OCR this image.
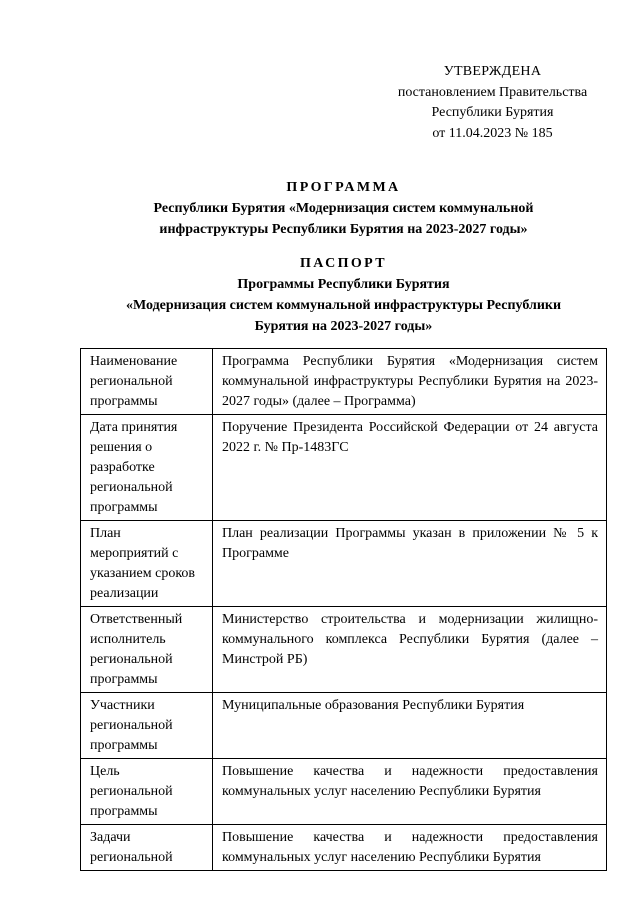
УТВЕРЖДЕНА
постановлением Правительства
Республики Бурятия
от 11.04.2023 № 185
ПРОГРАММА
Республики Бурятия «Модернизация систем коммунальной
инфраструктуры Республики Бурятия на 2023-2027 годы»
ПАСПОРТ
Программы Республики Бурятия
«Модернизация систем коммунальной инфраструктуры Республики
Бурятия на 2023-2027 годы»
Наименование
региональной
программы	Программа Республики Бурятия «Модернизация систем коммунальной инфраструктуры Республики Бурятия на 2023-2027 годы» (далее – Программа)
Дата принятия
решения о
разработке
региональной
программы	Поручение Президента Российской Федерации от 24 августа 2022 г. № Пр-1483ГС
План
мероприятий с
указанием сроков
реализации	План реализации Программы указан в приложении № 5 к Программе
Ответственный
исполнитель
региональной
программы	Министерство строительства и модернизации жилищно-коммунального комплекса Республики Бурятия (далее – Минстрой РБ)
Участники
региональной
программы	Муниципальные образования Республики Бурятия
Цель
региональной
программы	Повышение качества и надежности предоставления коммунальных услуг населению Республики Бурятия
Задачи
региональной	Повышение качества и надежности предоставления коммунальных услуг населению Республики Бурятия
